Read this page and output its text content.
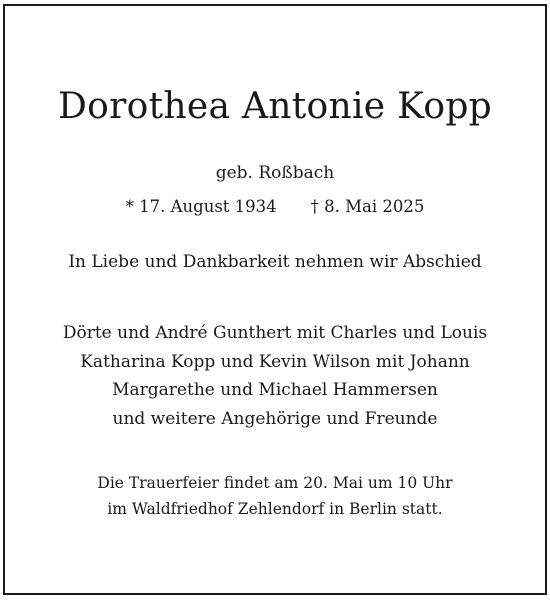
Dorothea Antonie Kopp

geb. Roßbach

* 17. August 1934 † 8. Mai 2025

In Liebe und Dankbarkeit nehmen wir Abschied

Dörte und André Gunthert mit Charles und Louis
Katharina Kopp und Kevin Wilson mit Johann
Margarethe und Michael Hammersen
und weitere Angehörige und Freunde
Die Trauerfeier findet am 20. Mai um 10 Uhr
im Waldfriedhof Zehlendorf in Berlin statt.
